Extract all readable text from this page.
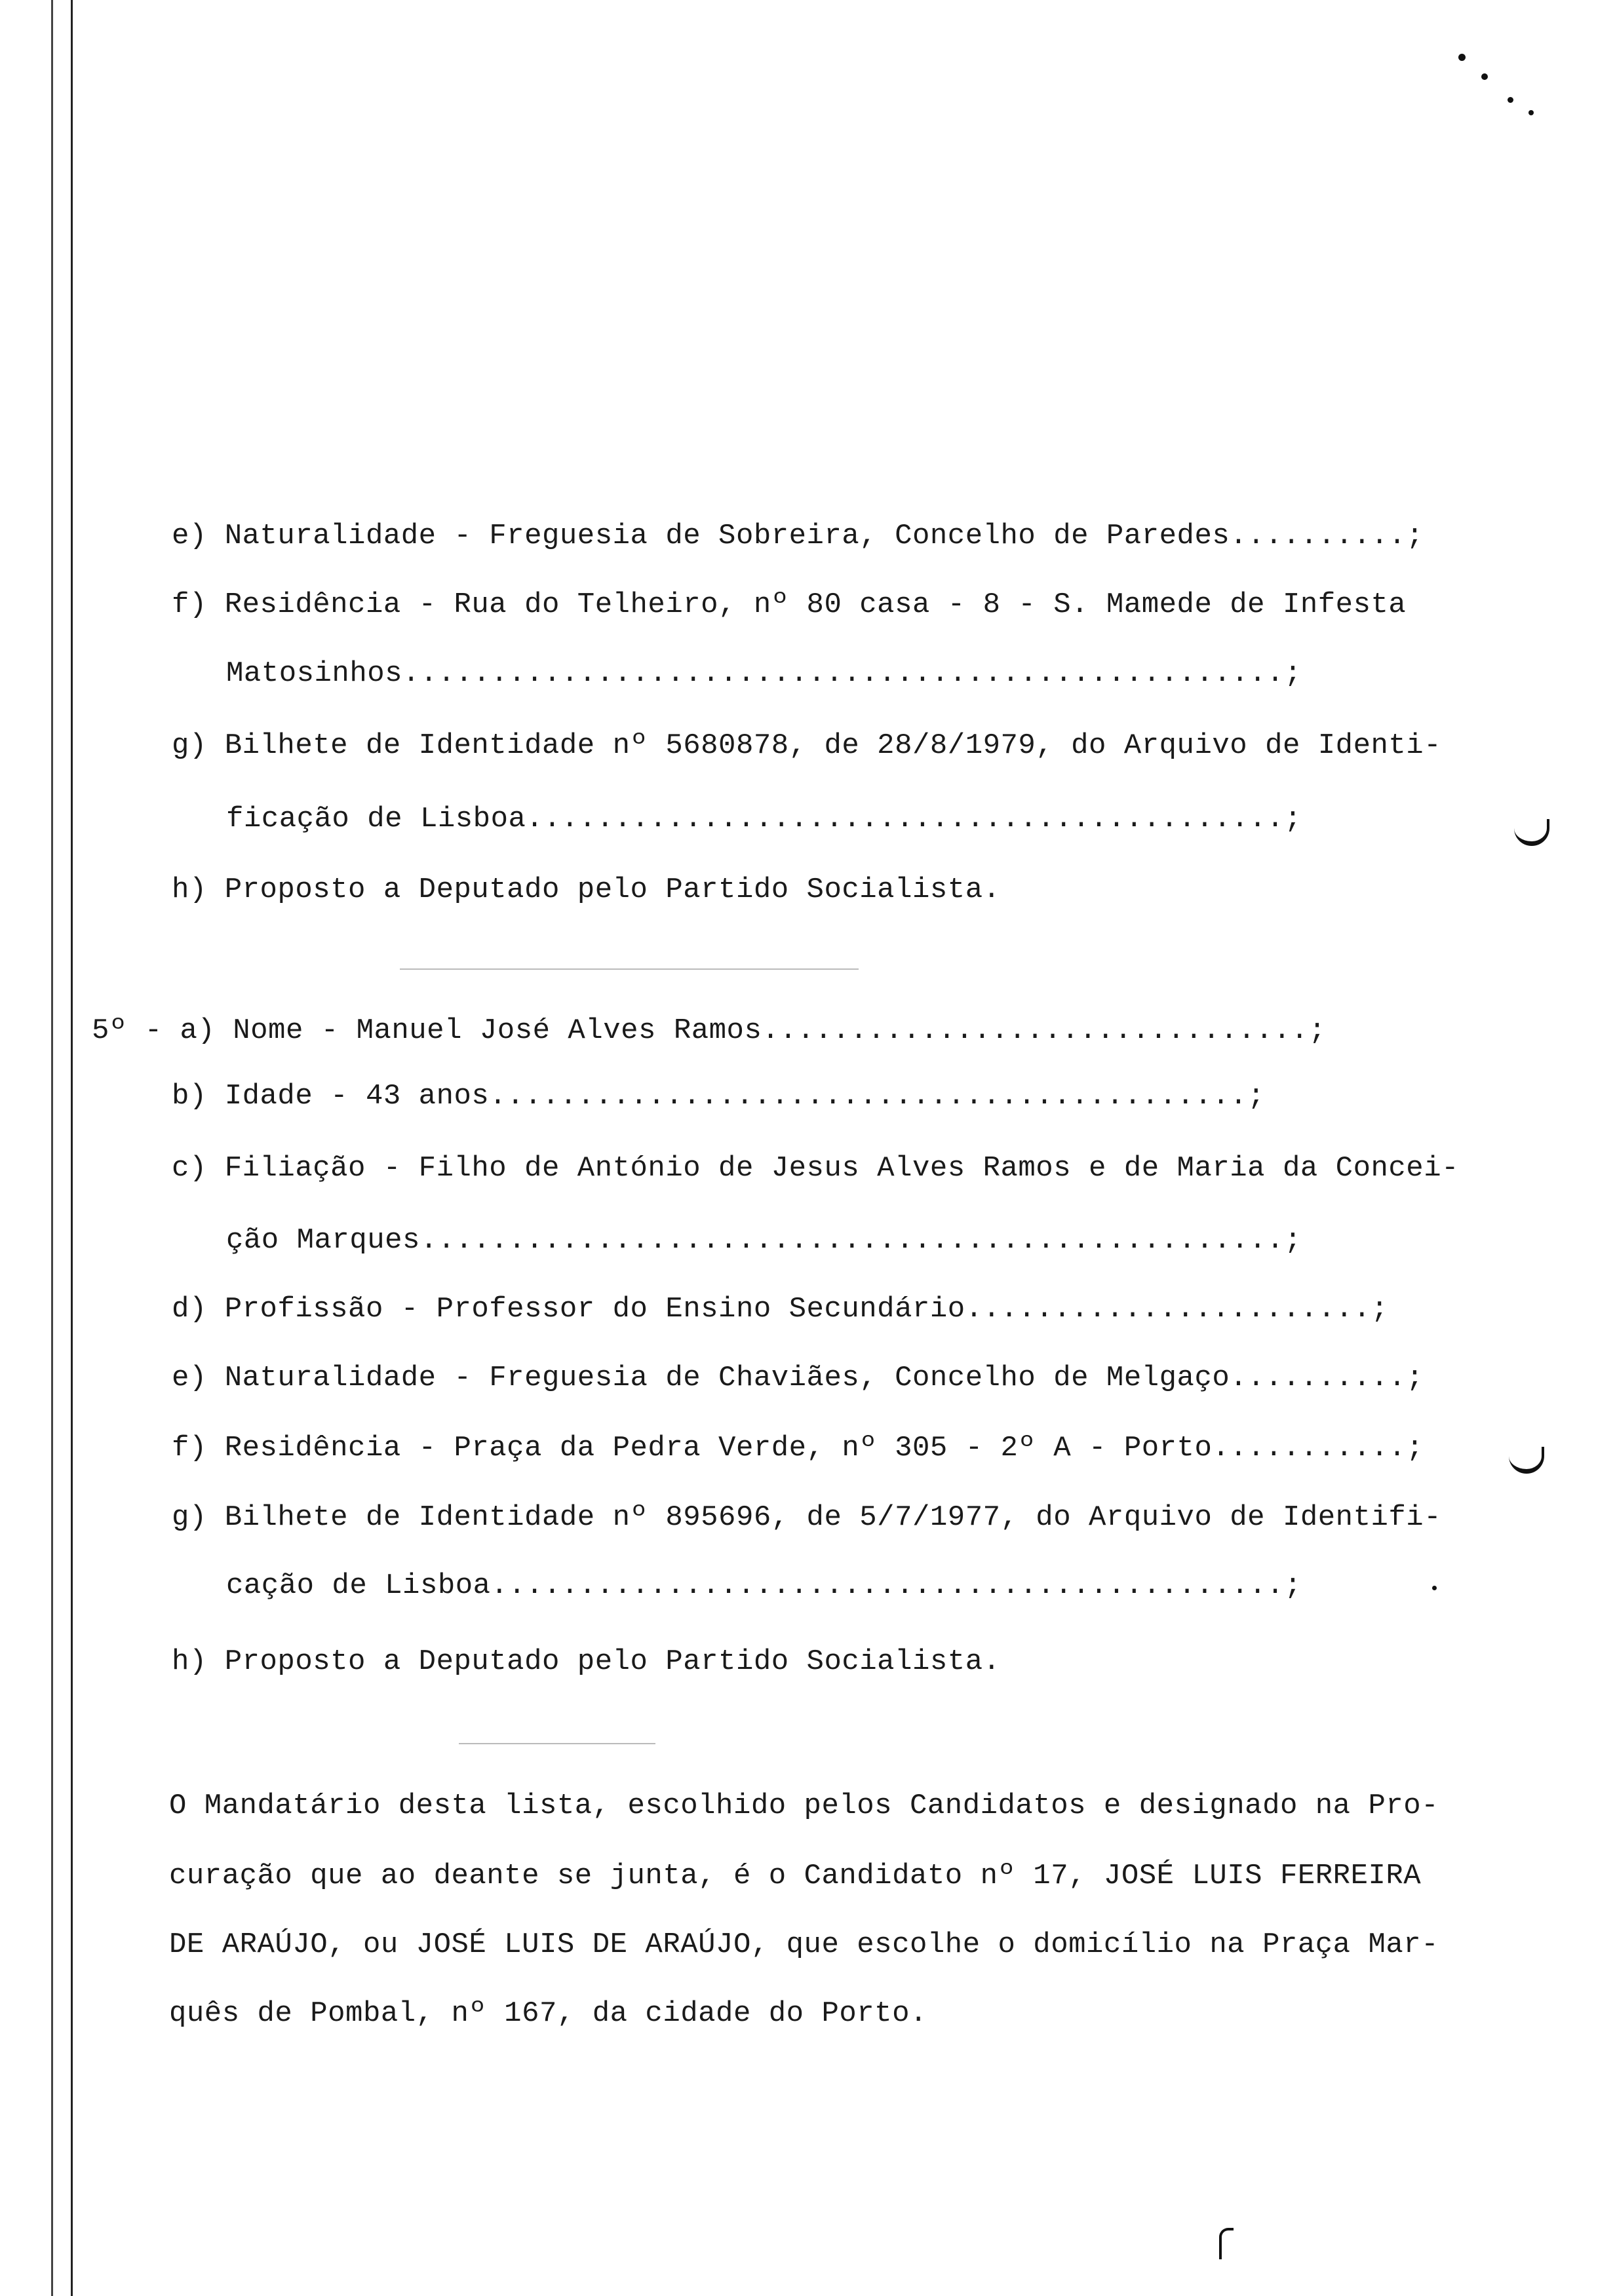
e) Naturalidade - Freguesia de Sobreira, Concelho de Paredes..........;
f) Residência - Rua do Telheiro, nº 80 casa - 8 - S. Mamede de Infesta
Matosinhos..................................................;
g) Bilhete de Identidade nº 5680878, de 28/8/1979, do Arquivo de Identi-
ficação de Lisboa...........................................;
h) Proposto a Deputado pelo Partido Socialista.
5º - a) Nome - Manuel José Alves Ramos...............................;
b) Idade - 43 anos...........................................;
c) Filiação - Filho de António de Jesus Alves Ramos e de Maria da Concei-
ção Marques.................................................;
d) Profissão - Professor do Ensino Secundário.......................;
e) Naturalidade - Freguesia de Chaviães, Concelho de Melgaço..........;
f) Residência - Praça da Pedra Verde, nº 305 - 2º A - Porto...........;
g) Bilhete de Identidade nº 895696, de 5/7/1977, do Arquivo de Identifi-
cação de Lisboa.............................................;
h) Proposto a Deputado pelo Partido Socialista.
O Mandatário desta lista, escolhido pelos Candidatos e designado na Pro-
curação que ao deante se junta, é o Candidato nº 17, JOSÉ LUIS FERREIRA
DE ARAÚJO, ou JOSÉ LUIS DE ARAÚJO, que escolhe o domicílio na Praça Mar-
quês de Pombal, nº 167, da cidade do Porto.
